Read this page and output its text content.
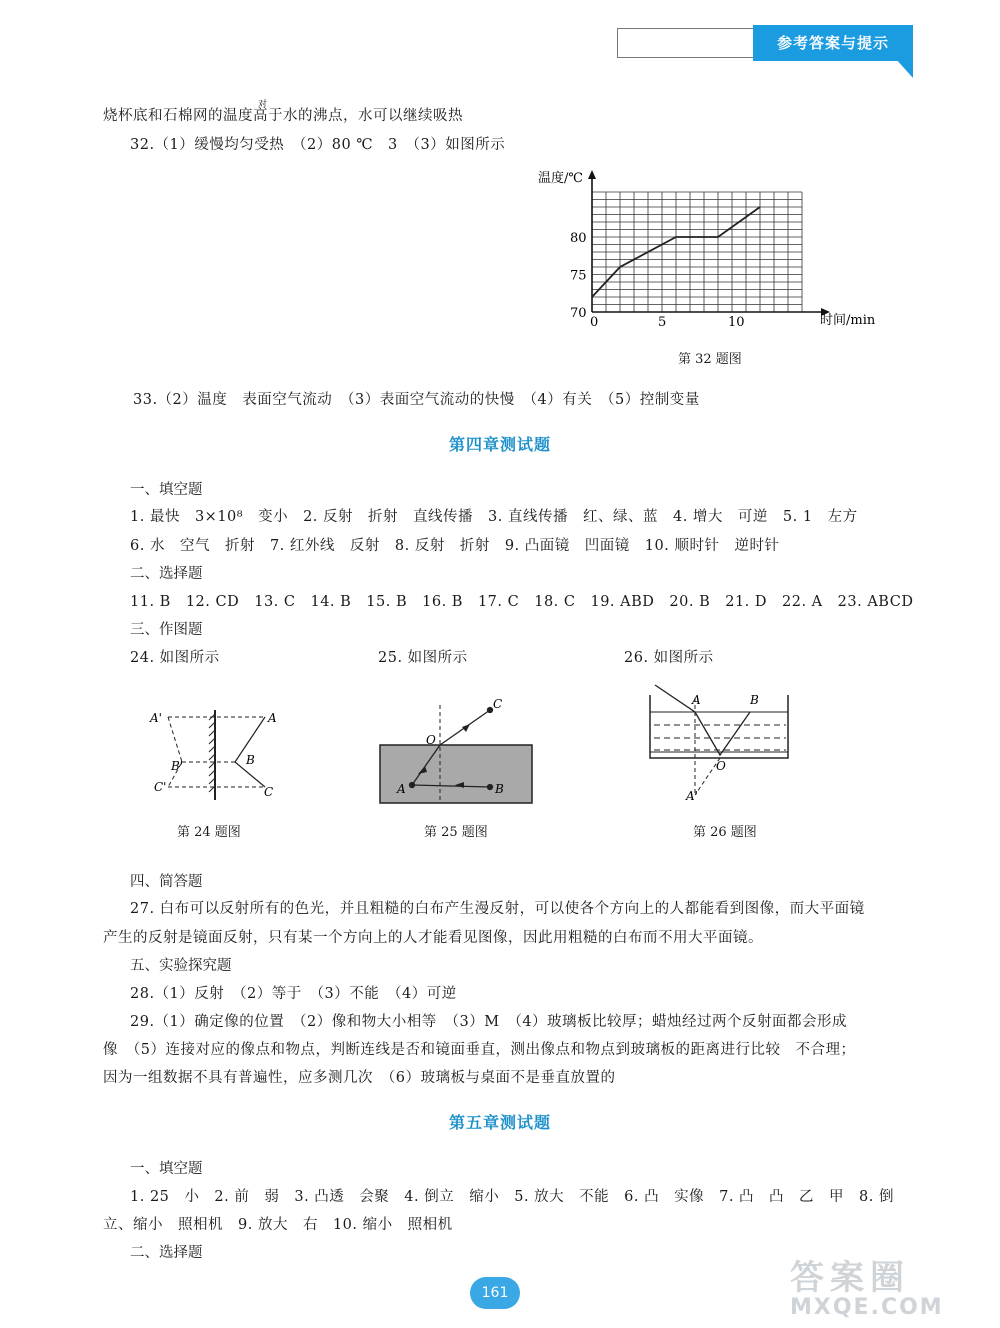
参考答案与提示
烧杯底和石棉网的温度高于水的沸点，水可以继续吸热
对
32.（1）缓慢均匀受热　（2）80 ℃　3　（3）如图所示
0	5	10
70
75
80
温度/℃
时间/min
第 32 题图
33.（2）温度　表面空气流动　（3）表面空气流动的快慢　（4）有关　（5）控制变量
第四章测试题
一、填空题
1. 最快　3×10⁸　变小　2. 反射　折射　直线传播　3. 直线传播　红、绿、蓝　4. 增大　可逆　5. 1　左方
6. 水　空气　折射　7. 红外线　反射　8. 反射　折射　9. 凸面镜　凹面镜　10. 顺时针　逆时针
二、选择题
11. B　12. CD　13. C　14. B　15. B　16. B　17. C　18. C　19. ABD　20. B　21. D　22. A　23. ABCD
三、作图题
24. 如图所示	25. 如图所示	26. 如图所示
A'	A
B'	B
C'	C
第 24 题图
C
O
A	B
第 25 题图
A	B
O
A'
第 26 题图
四、简答题
27. 白布可以反射所有的色光，并且粗糙的白布产生漫反射，可以使各个方向上的人都能看到图像，而大平面镜
产生的反射是镜面反射，只有某一个方向上的人才能看见图像，因此用粗糙的白布而不用大平面镜。
五、实验探究题
28.（1）反射　（2）等于　（3）不能　（4）可逆
29.（1）确定像的位置　（2）像和物大小相等　（3）M　（4）玻璃板比较厚；蜡烛经过两个反射面都会形成
像　（5）连接对应的像点和物点，判断连线是否和镜面垂直，测出像点和物点到玻璃板的距离进行比较　不合理；
因为一组数据不具有普遍性，应多测几次　（6）玻璃板与桌面不是垂直放置的
第五章测试题
一、填空题
1. 25　小　2. 前　弱　3. 凸透　会聚　4. 倒立　缩小　5. 放大　不能　6. 凸　实像　7. 凸　凸　乙　甲　8. 倒
立、缩小　照相机　9. 放大　右　10. 缩小　照相机
二、选择题
161	答案圈
MXQE.COM
